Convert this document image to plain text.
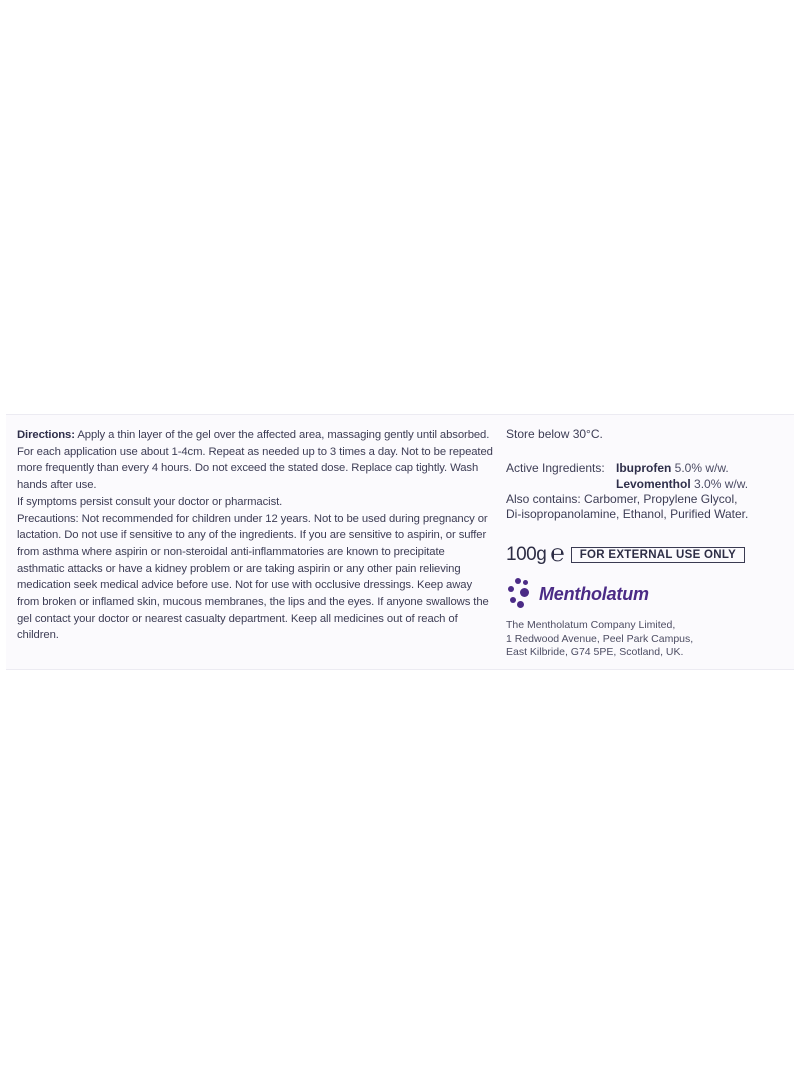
Directions: Apply a thin layer of the gel over the affected area, massaging gently until absorbed.

For each application use about 1-4cm. Repeat as needed up to 3 times a day. Not to be repeated more frequently than every 4 hours. Do not exceed the stated dose. Replace cap tightly. Wash hands after use.

If symptoms persist consult your doctor or pharmacist.

Precautions: Not recommended for children under 12 years. Not to be used during pregnancy or lactation. Do not use if sensitive to any of the ingredients. If you are sensitive to aspirin, or suffer from asthma where aspirin or non-steroidal anti-inflammatories are known to precipitate asthmatic attacks or have a kidney problem or are taking aspirin or any other pain relieving medication seek medical advice before use. Not for use with occlusive dressings. Keep away from broken or inflamed skin, mucous membranes, the lips and the eyes. If anyone swallows the gel contact your doctor or nearest casualty department. Keep all medicines out of reach of children.

Store below 30°C.
Active Ingredients: Ibuprofen 5.0% w/w.
Levomenthol 3.0% w/w.
Also contains: Carbomer, Propylene Glycol, Di-isopropanolamine, Ethanol, Purified Water.
100g ℮	FOR EXTERNAL USE ONLY
Mentholatum
The Mentholatum Company Limited,
1 Redwood Avenue, Peel Park Campus,
East Kilbride, G74 5PE, Scotland, UK.
